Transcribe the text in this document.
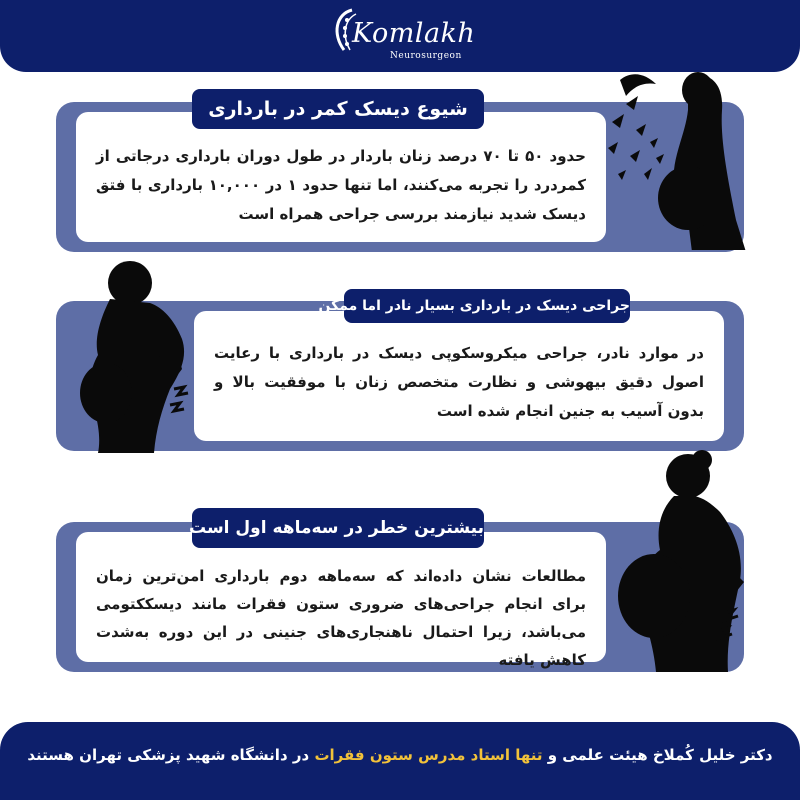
Komlakh
Neurosurgeon
حدود ۵۰ تا ۷۰ درصد زنان باردار در طول دوران بارداری درجاتی از کمردرد را تجربه می‌کنند، اما تنها حدود ۱ در ۱۰,۰۰۰ بارداری با فتق دیسک شدید نیازمند بررسی جراحی همراه است
شیوع دیسک کمر در بارداری
در موارد نادر، جراحی میکروسکوپی دیسک در بارداری با رعایت اصول دقیق بیهوشی و نظارت متخصص زنان با موفقیت بالا و بدون آسیب به جنین انجام شده است
جراحی دیسک در بارداری بسیار نادر اما ممکن
مطالعات نشان داده‌اند که سه‌ماهه دوم بارداری امن‌ترین زمان برای انجام جراحی‌های ضروری ستون فقرات مانند دیسککتومی می‌باشد، زیرا احتمال ناهنجاری‌های جنینی در این دوره به‌شدت کاهش یافته
بیشترین خطر در سه‌ماهه اول است
دکتر خلیل کُملاخ هیئت علمی و تنها استاد مدرس ستون فقرات در دانشگاه شهید پزشکی تهران هستند
